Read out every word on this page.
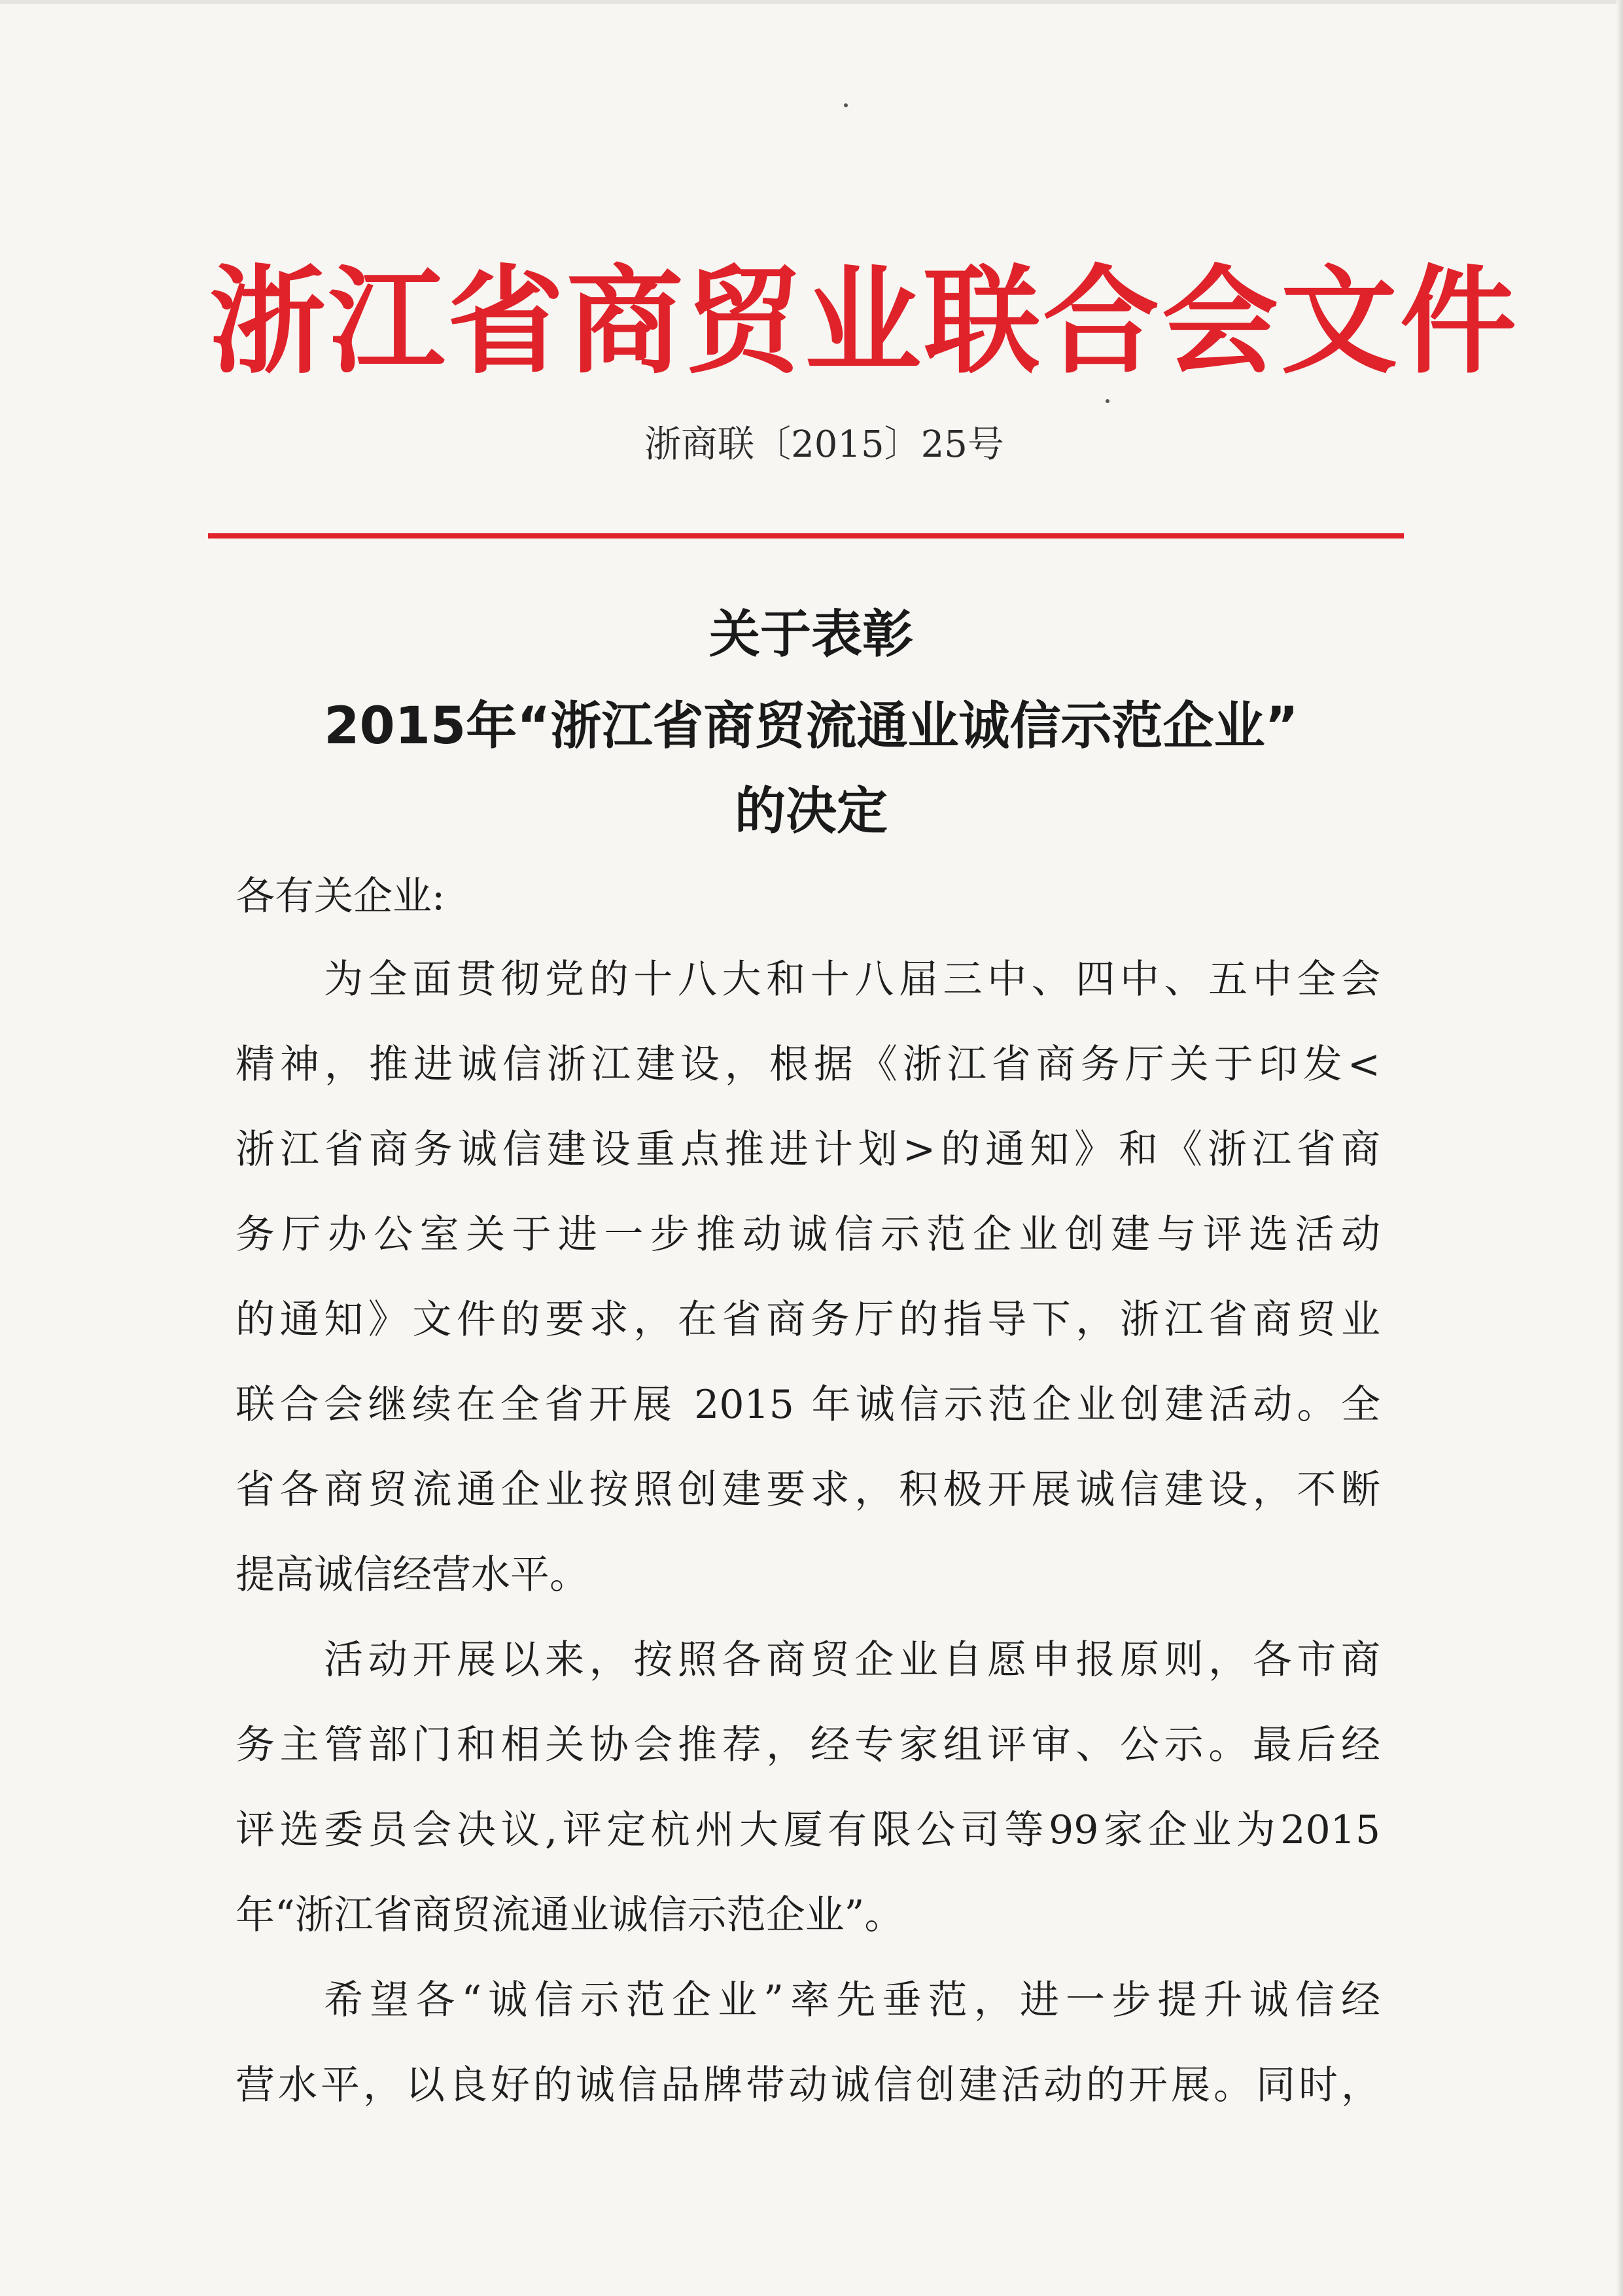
浙江省商贸业联合会文件
浙商联〔2015〕25号
关于表彰
2015年“浙江省商贸流通业诚信示范企业”
的决定
各有关企业:
为全面贯彻党的十八大和十八届三中、四中、五中全会
精神，推进诚信浙江建设，根据《浙江省商务厅关于印发<
浙江省商务诚信建设重点推进计划>的通知》和《浙江省商
务厅办公室关于进一步推动诚信示范企业创建与评选活动
的通知》文件的要求，在省商务厅的指导下，浙江省商贸业
联合会继续在全省开展 2015 年诚信示范企业创建活动。全
省各商贸流通企业按照创建要求，积极开展诚信建设，不断
提高诚信经营水平。
活动开展以来，按照各商贸企业自愿申报原则，各市商
务主管部门和相关协会推荐，经专家组评审、公示。最后经
评选委员会决议,评定杭州大厦有限公司等99家企业为2015
年“浙江省商贸流通业诚信示范企业”。
希望各“诚信示范企业”率先垂范，进一步提升诚信经
营水平，以良好的诚信品牌带动诚信创建活动的开展。同时，
